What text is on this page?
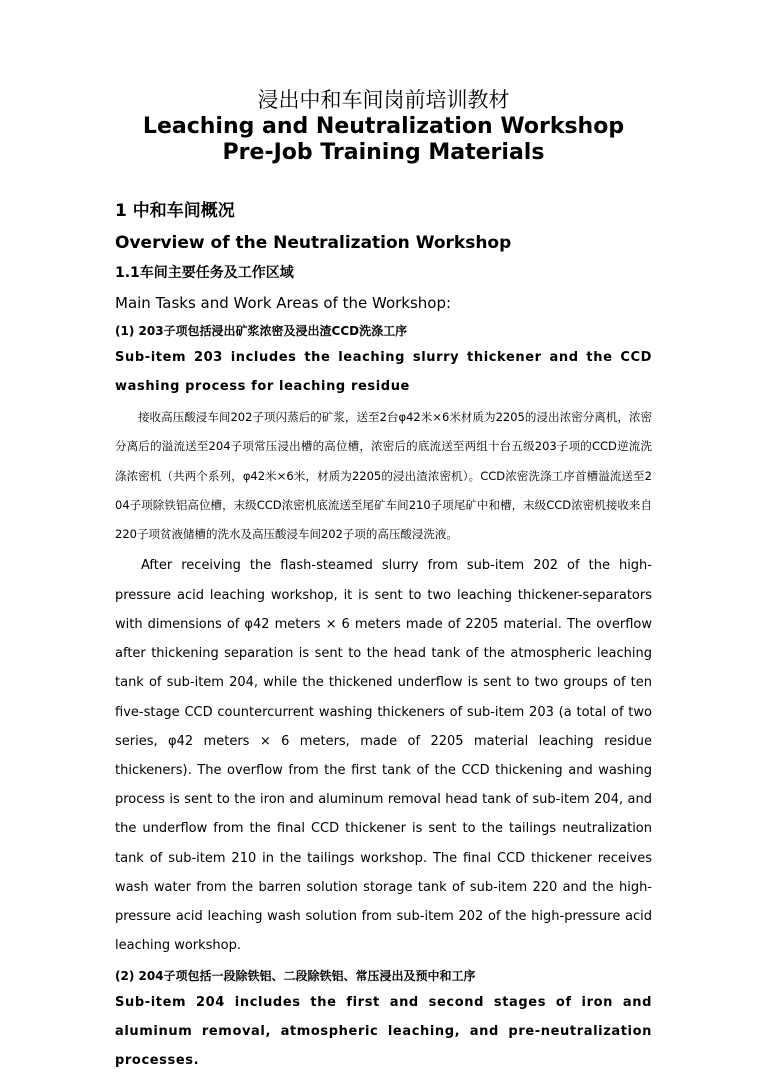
浸出中和车间岗前培训教材
Leaching and Neutralization Workshop
Pre-Job Training Materials
1 中和车间概况
Overview of the Neutralization Workshop
1.1车间主要任务及工作区域
Main Tasks and Work Areas of the Workshop:
(1) 203子项包括浸出矿浆浓密及浸出渣CCD洗涤工序
Sub-item 203 includes the leaching slurry thickener and the CCD washing process for leaching residue
接收高压酸浸车间202子项闪蒸后的矿浆，送至2台φ42米×6米材质为2205的浸出浓密分离机，浓密分离后的溢流送至204子项常压浸出槽的高位槽，浓密后的底流送至两组十台五级203子项的CCD逆流洗涤浓密机（共两个系列，φ42米×6米，材质为2205的浸出渣浓密机）。CCD浓密洗涤工序首槽溢流送至204子项除铁铝高位槽，末级CCD浓密机底流送至尾矿车间210子项尾矿中和槽，末级CCD浓密机接收来自220子项贫液储槽的洗水及高压酸浸车间202子项的高压酸浸洗液。
After receiving the flash-steamed slurry from sub-item 202 of the high-pressure acid leaching workshop, it is sent to two leaching thickener-separators with dimensions of φ42 meters × 6 meters made of 2205 material. The overflow after thickening separation is sent to the head tank of the atmospheric leaching tank of sub-item 204, while the thickened underflow is sent to two groups of ten five-stage CCD countercurrent washing thickeners of sub-item 203 (a total of two series, φ42 meters × 6 meters, made of 2205 material leaching residue thickeners). The overflow from the first tank of the CCD thickening and washing process is sent to the iron and aluminum removal head tank of sub-item 204, and the underflow from the final CCD thickener is sent to the tailings neutralization tank of sub-item 210 in the tailings workshop. The final CCD thickener receives wash water from the barren solution storage tank of sub-item 220 and the high-pressure acid leaching wash solution from sub-item 202 of the high-pressure acid leaching workshop.
(2) 204子项包括一段除铁铝、二段除铁铝、常压浸出及预中和工序
Sub-item 204 includes the first and second stages of iron and aluminum removal, atmospheric leaching, and pre-neutralization processes.
